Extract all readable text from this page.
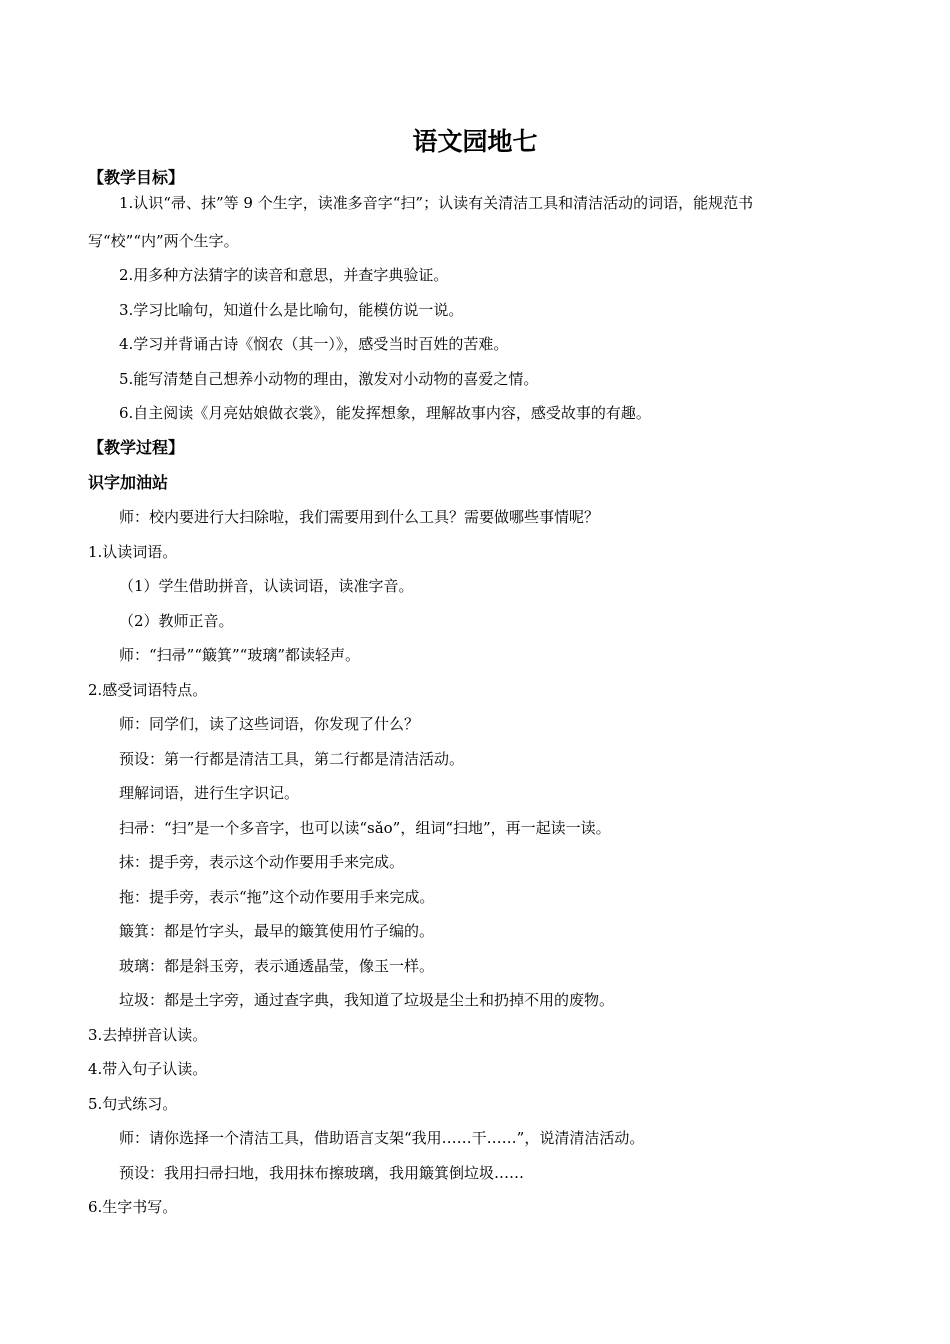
语文园地七
【教学目标】
1.认识“帚、抹”等 9 个生字，读准多音字“扫”；认读有关清洁工具和清洁活动的词语，能规范书
写“校”“内”两个生字。
2.用多种方法猜字的读音和意思，并查字典验证。
3.学习比喻句，知道什么是比喻句，能模仿说一说。
4.学习并背诵古诗《悯农（其一）》，感受当时百姓的苦难。
5.能写清楚自己想养小动物的理由，激发对小动物的喜爱之情。
6.自主阅读《月亮姑娘做衣裳》，能发挥想象，理解故事内容，感受故事的有趣。
【教学过程】
识字加油站
师：校内要进行大扫除啦，我们需要用到什么工具？需要做哪些事情呢？
1.认读词语。
（1）学生借助拼音，认读词语，读准字音。
（2）教师正音。
师：“扫帚”“簸箕”“玻璃”都读轻声。
2.感受词语特点。
师：同学们，读了这些词语，你发现了什么？
预设：第一行都是清洁工具，第二行都是清洁活动。
理解词语，进行生字识记。
扫帚：“扫”是一个多音字，也可以读“sǎo”，组词“扫地”，再一起读一读。
抹：提手旁，表示这个动作要用手来完成。
拖：提手旁，表示“拖”这个动作要用手来完成。
簸箕：都是竹字头，最早的簸箕使用竹子编的。
玻璃：都是斜玉旁，表示通透晶莹，像玉一样。
垃圾：都是土字旁，通过查字典，我知道了垃圾是尘土和扔掉不用的废物。
3.去掉拼音认读。
4.带入句子认读。
5.句式练习。
师：请你选择一个清洁工具，借助语言支架“我用……干……”，说清清洁活动。
预设：我用扫帚扫地，我用抹布擦玻璃，我用簸箕倒垃圾……
6.生字书写。
